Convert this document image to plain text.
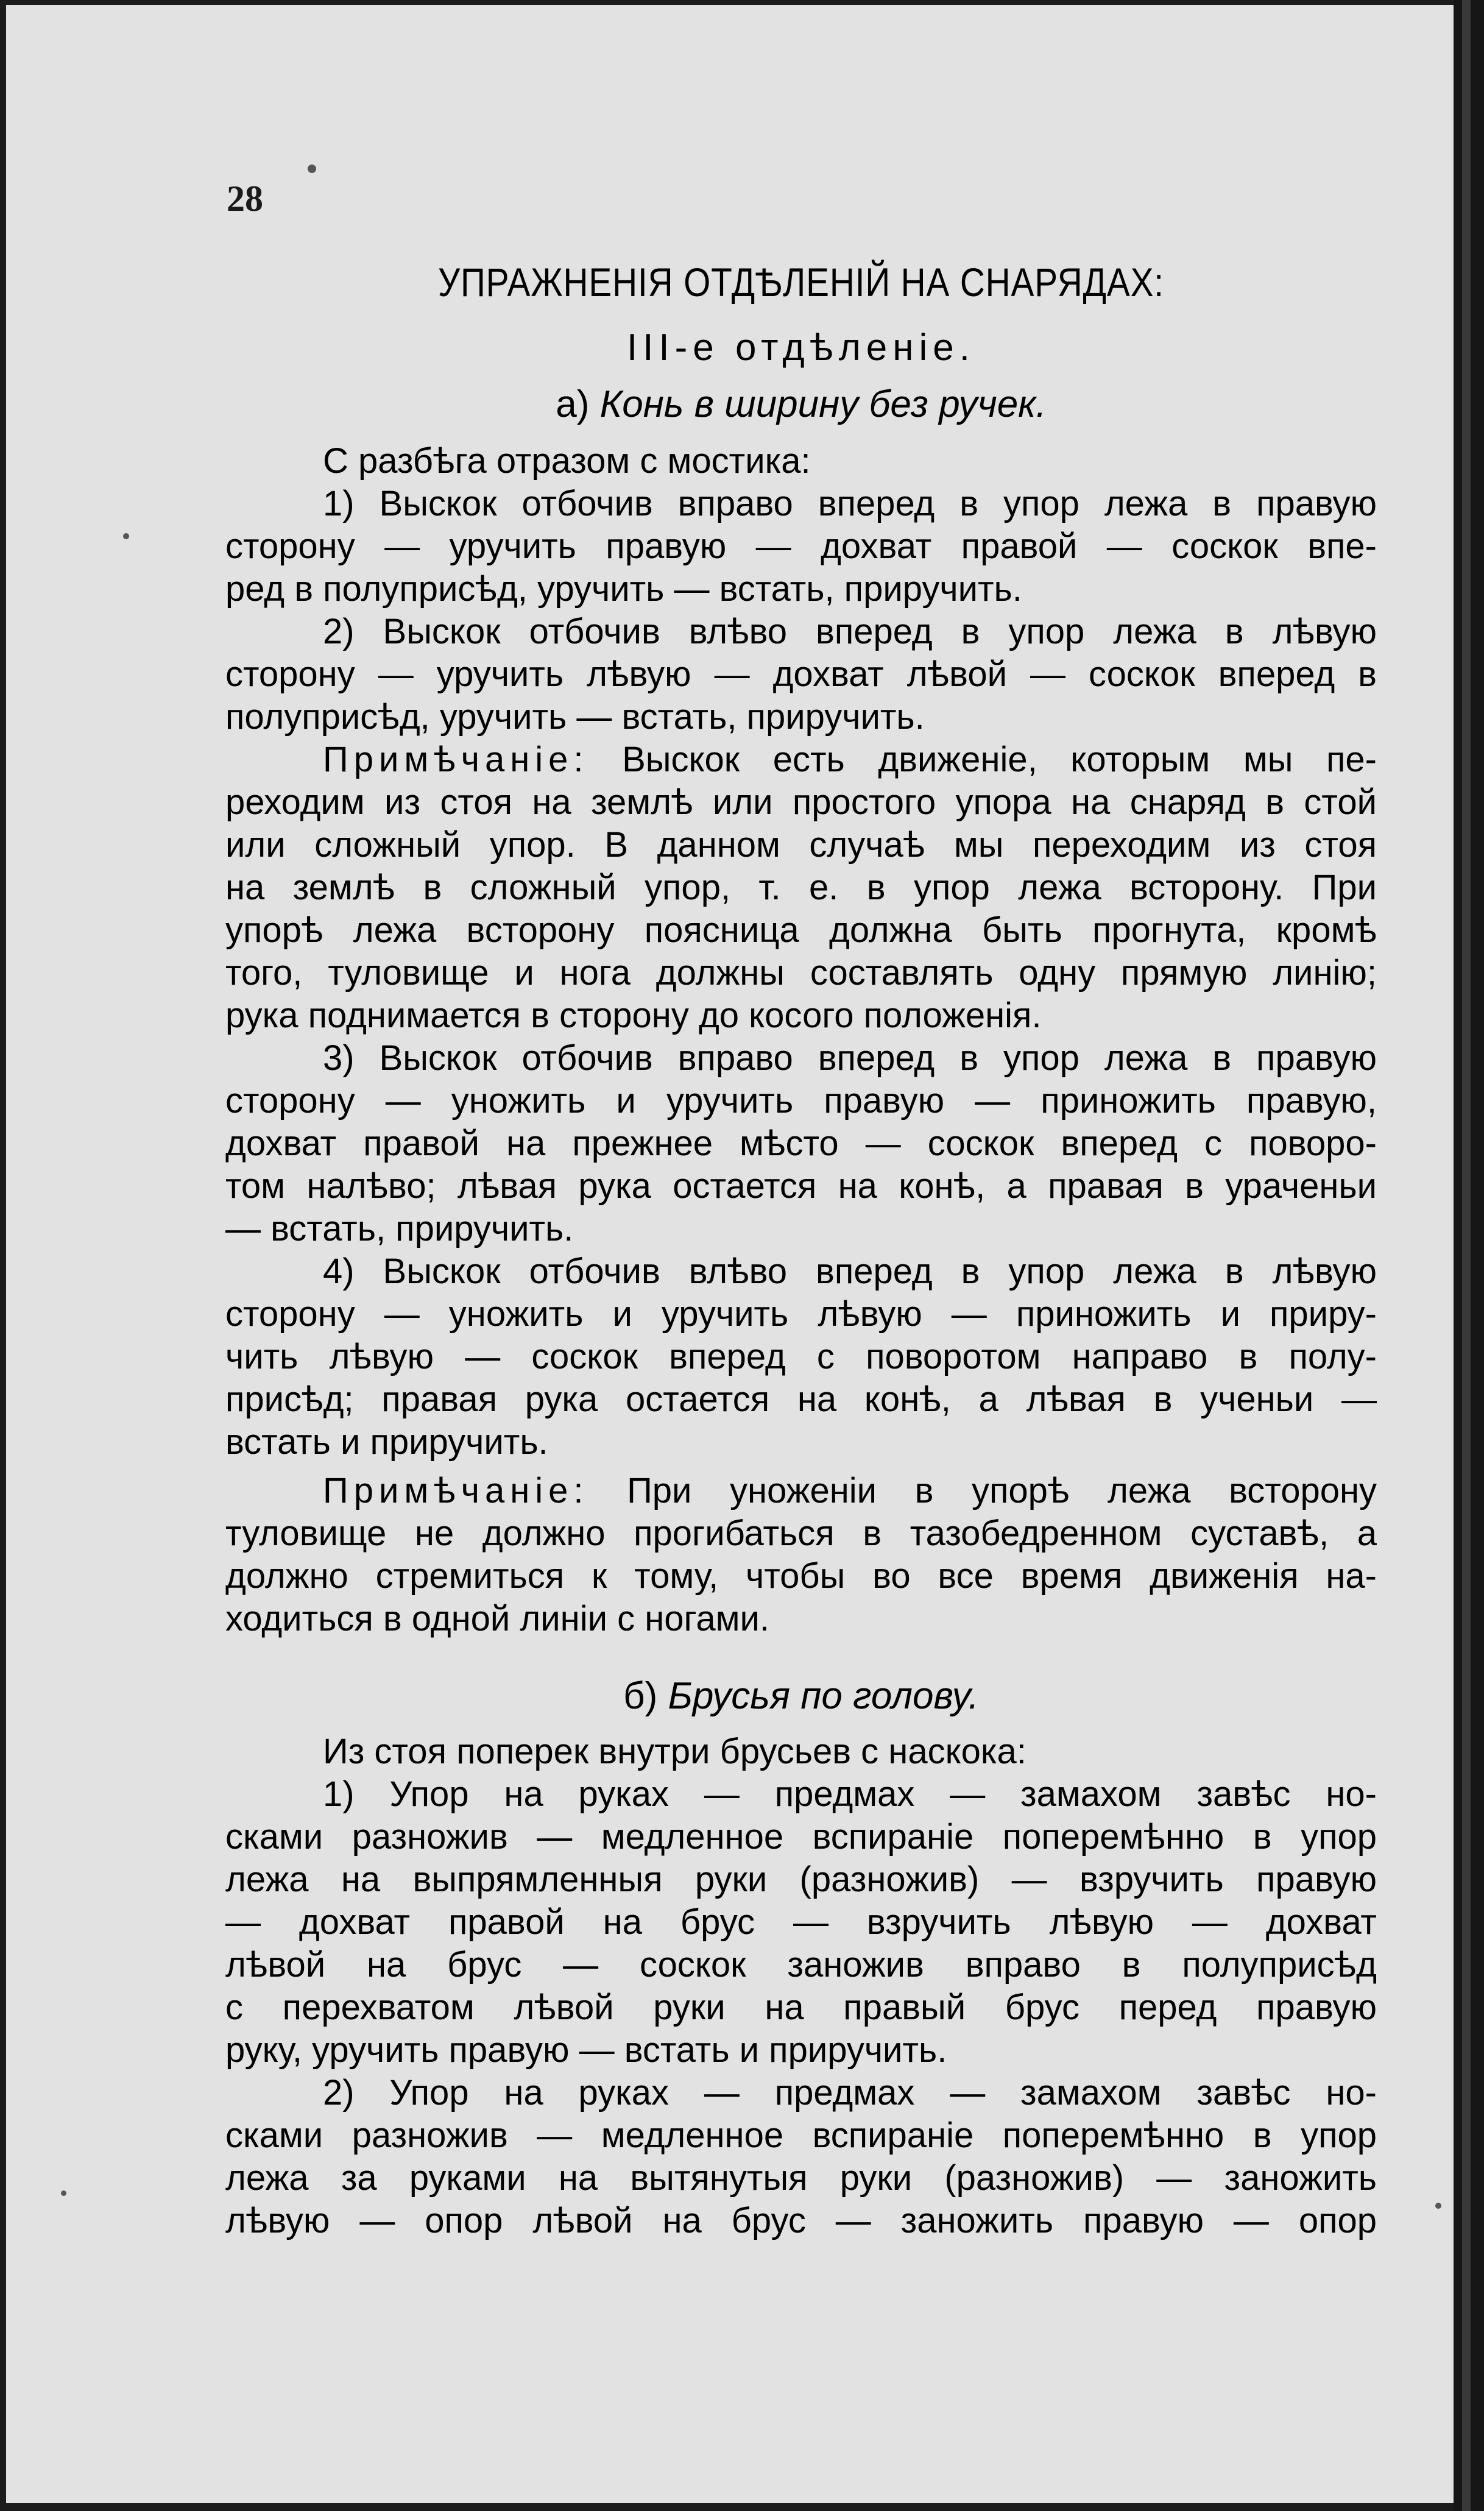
28
УПРАЖНЕНІЯ ОТДѢЛЕНІЙ НА СНАРЯДАХ:
III-е отдѣленіе.
а) Конь в ширину без ручек.
С разбѣга отразом с мостика:
1) Выскок отбочив вправо вперед в упор лежа в правую
сторону — уручить правую — дохват правой — соскок впе-
ред в полуприсѣд, уручить — встать, приручить.
2) Выскок отбочив влѣво вперед в упор лежа в лѣвую
сторону — уручить лѣвую — дохват лѣвой — соскок вперед в
полуприсѣд, уручить — встать, приручить.
Примѣчаніе: Выскок есть движеніе, которым мы пе-
реходим из стоя на землѣ или простого упора на снаряд в стой
или сложный упор. В данном случаѣ мы переходим из стоя
на землѣ в сложный упор, т. е. в упор лежа всторону. При
упорѣ лежа всторону поясница должна быть прогнута, кромѣ
того, туловище и нога должны составлять одну прямую линію;
рука поднимается в сторону до косого положенія.
3) Выскок отбочив вправо вперед в упор лежа в правую
сторону — уножить и уручить правую — приножить правую,
дохват правой на прежнее мѣсто — соскок вперед с поворо-
том налѣво; лѣвая рука остается на конѣ, а правая в ураченьи
— встать, приручить.
4) Выскок отбочив влѣво вперед в упор лежа в лѣвую
сторону — уножить и уручить лѣвую — приножить и приру-
чить лѣвую — соскок вперед с поворотом направо в полу-
присѣд; правая рука остается на конѣ, а лѣвая в ученьи —
встать и приручить.
Примѣчаніе: При уноженіи в упорѣ лежа всторону
туловище не должно прогибаться в тазобедренном суставѣ, а
должно стремиться к тому, чтобы во все время движенія на-
ходиться в одной линіи с ногами.
б) Брусья по голову.
Из стоя поперек внутри брусьев с наскока:
1) Упор на руках — предмах — замахом завѣс но-
сками разножив — медленное вспираніе поперемѣнно в упор
лежа на выпрямленныя руки (разножив) — взручить правую
— дохват правой на брус — взручить лѣвую — дохват
лѣвой на брус — соскок заножив вправо в полуприсѣд
с перехватом лѣвой руки на правый брус перед правую
руку, уручить правую — встать и приручить.
2) Упор на руках — предмах — замахом завѣс но-
сками разножив — медленное вспираніе поперемѣнно в упор
лежа за руками на вытянутыя руки (разножив) — заножить
лѣвую — опор лѣвой на брус — заножить правую — опор
